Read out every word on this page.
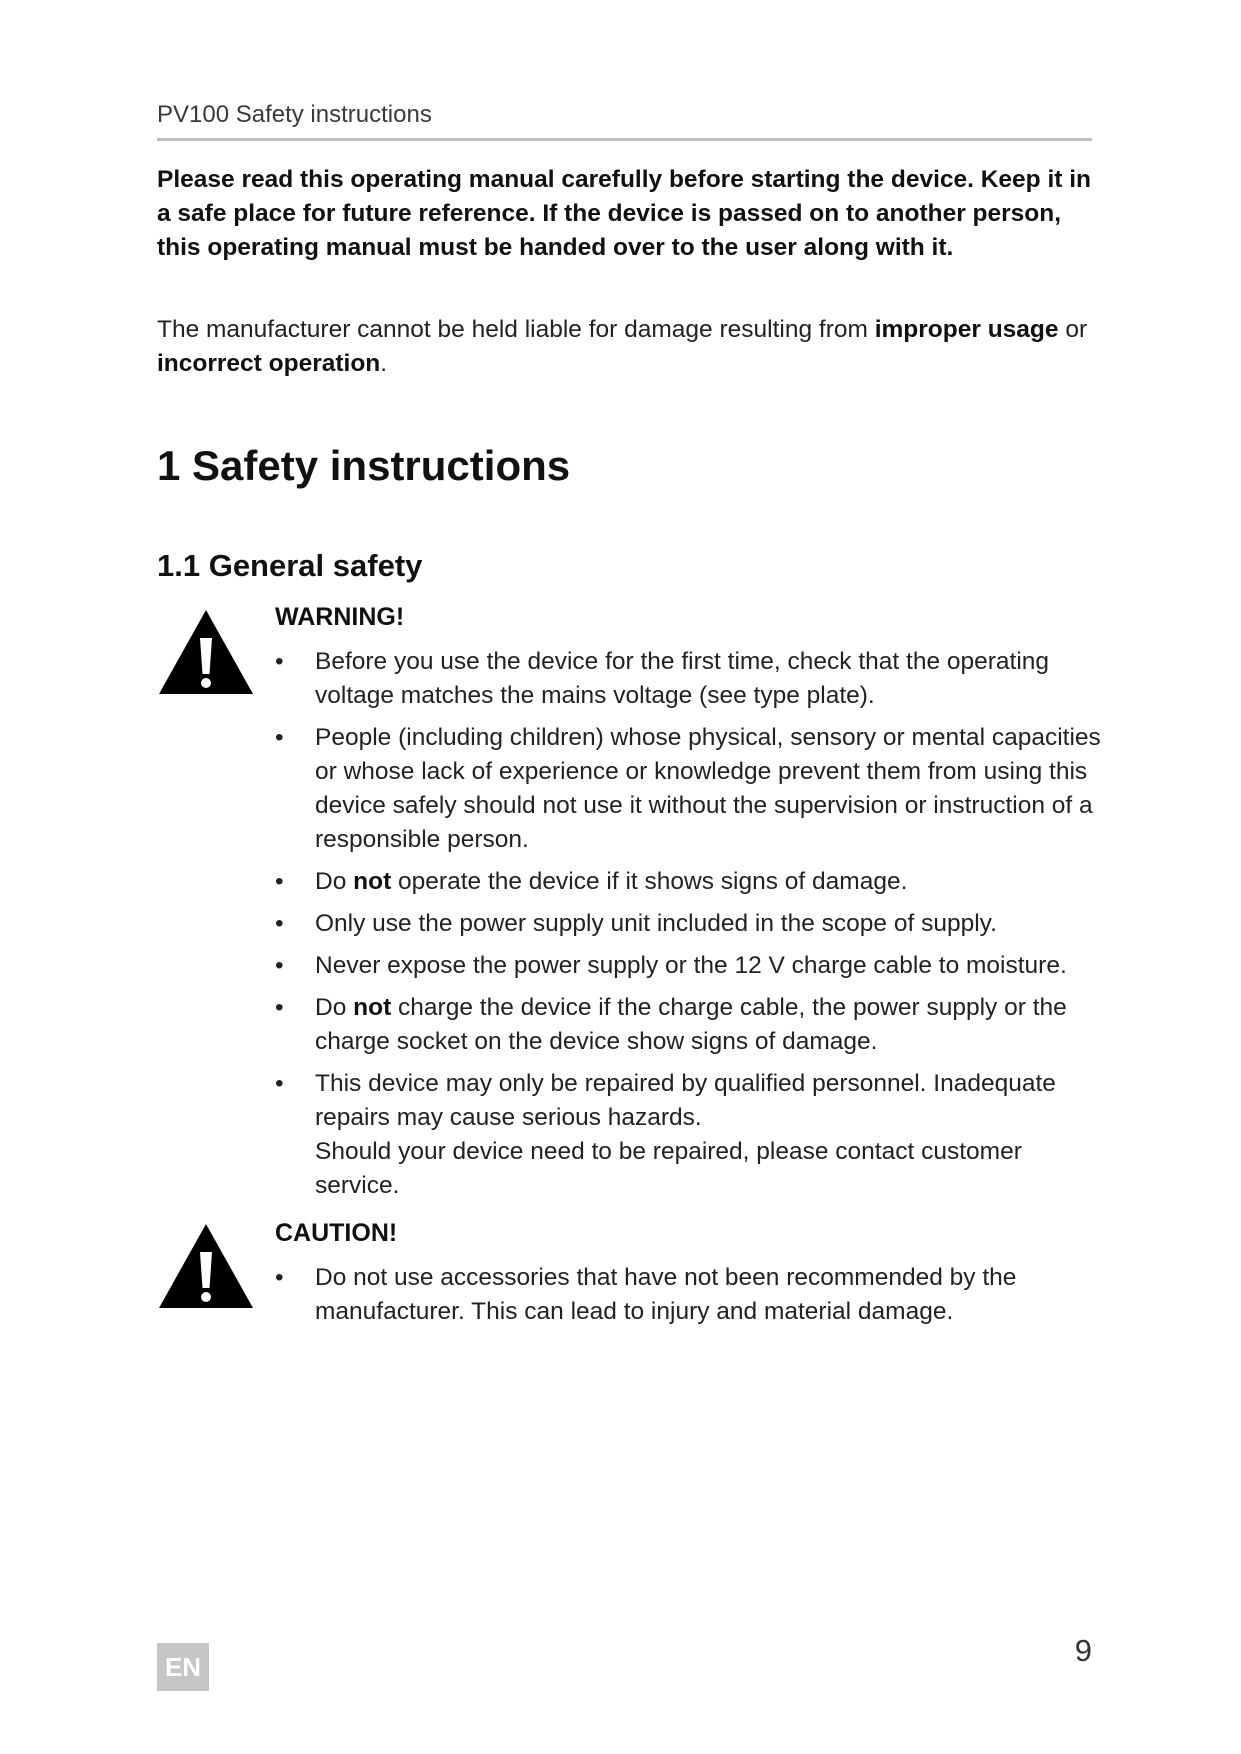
PV100 Safety instructions

Please read this operating manual carefully before starting the device. Keep it in a safe place for future reference. If the device is passed on to another person, this operating manual must be handed over to the user along with it.

The manufacturer cannot be held liable for damage resulting from improper usage or incorrect operation.

1 Safety instructions
1.1 General safety
WARNING!
• Before you use the device for the first time, check that the operating voltage matches the mains voltage (see type plate).
• People (including children) whose physical, sensory or mental capacities or whose lack of experience or knowledge prevent them from using this device safely should not use it without the supervision or instruction of a responsible person.
• Do not operate the device if it shows signs of damage.
• Only use the power supply unit included in the scope of supply.
• Never expose the power supply or the 12 V charge cable to moisture.
• Do not charge the device if the charge cable, the power supply or the charge socket on the device show signs of damage.
• This device may only be repaired by qualified personnel. Inadequate repairs may cause serious hazards.
Should your device need to be repaired, please contact customer service.
CAUTION!
• Do not use accessories that have not been recommended by the manufacturer. This can lead to injury and material damage.
EN	9
